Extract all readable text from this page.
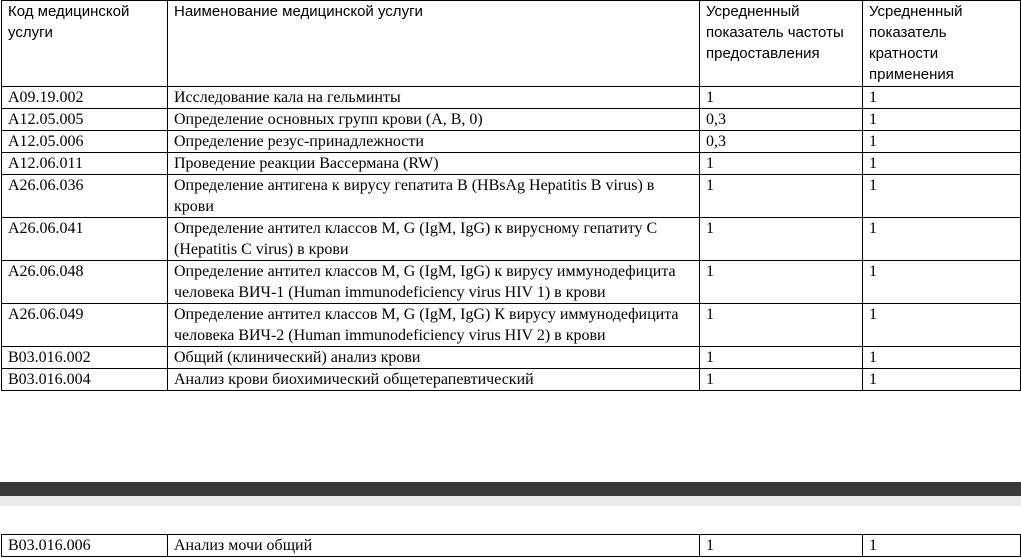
Код медицинской услуги	Наименование медицинской услуги	Усредненный показатель частоты предоставления	Усредненный показатель кратности применения
A09.19.002	Исследование кала на гельминты	1	1
A12.05.005	Определение основных групп крови (A, B, 0)	0,3	1
A12.05.006	Определение резус-принадлежности	0,3	1
A12.06.011	Проведение реакции Вассермана (RW)	1	1
A26.06.036	Определение антигена к вирусу гепатита B (HBsAg Hepatitis B virus) в крови	1	1
A26.06.041	Определение антител классов M, G (IgM, IgG) к вирусному гепатиту C (Hepatitis C virus) в крови	1	1
A26.06.048	Определение антител классов M, G (IgM, IgG) к вирусу иммунодефицита человека ВИЧ-1 (Human immunodeficiency virus HIV 1) в крови	1	1
A26.06.049	Определение антител классов M, G (IgM, IgG) К вирусу иммунодефицита человека ВИЧ-2 (Human immunodeficiency virus HIV 2) в крови	1	1
B03.016.002	Общий (клинический) анализ крови	1	1
B03.016.004	Анализ крови биохимический общетерапевтический	1	1
B03.016.006	Анализ мочи общий	1	1
